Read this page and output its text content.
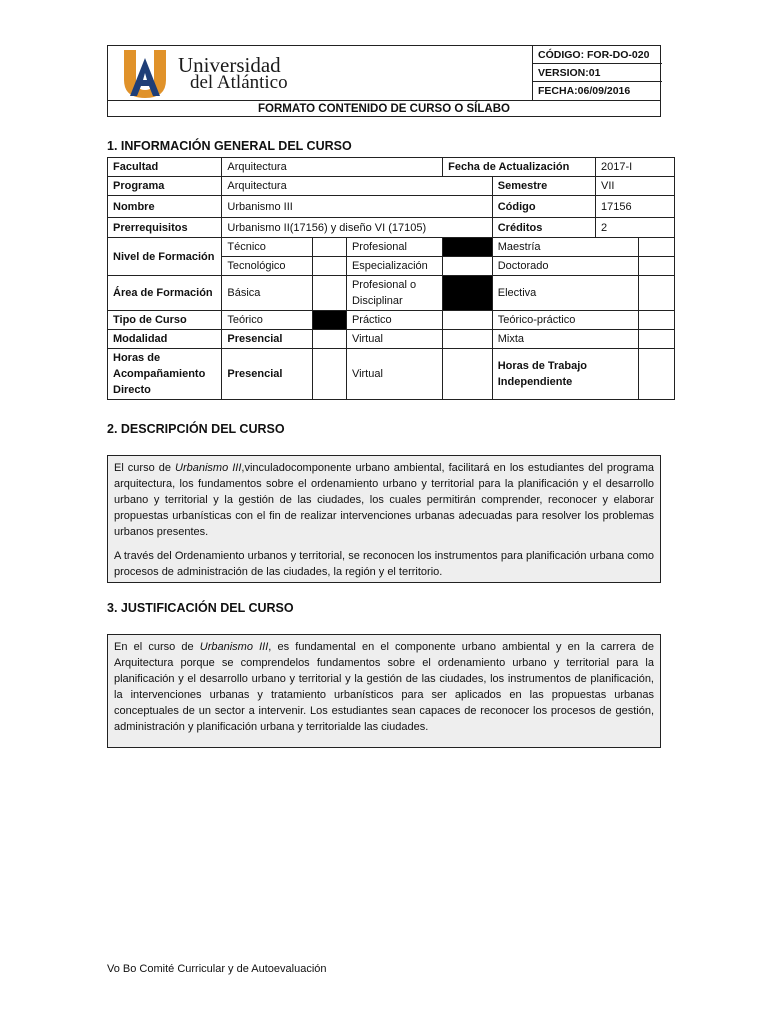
Universidad
del Atlántico
CÓDIGO: FOR-DO-020
VERSION:01
FECHA:06/09/2016
FORMATO CONTENIDO DE CURSO O SÍLABO
1. INFORMACIÓN GENERAL DEL CURSO
Facultad	Arquitectura			Fecha de Actualización		2017-I	
Programa	Arquitectura				Semestre	VII	
Nombre	Urbanismo III				Código	17156	
Prerrequisitos	Urbanismo II(17156) y diseño VI (17105)				Créditos	2	
Nivel de Formación	Técnico		Profesional		Maestría		
	Tecnológico		Especialización		Doctorado		
Área de Formación	Básica		Profesional o Disciplinar		Electiva		
Tipo de Curso	Teórico		Práctico		Teórico-práctico		
Modalidad	Presencial		Virtual		Mixta		
Horas de Acompañamiento Directo	Presencial		Virtual		Horas de Trabajo Independiente		
2. DESCRIPCIÓN DEL CURSO

El curso de Urbanismo III,vinculadocomponente urbano ambiental, facilitará en los estudiantes del programa arquitectura, los fundamentos sobre el ordenamiento urbano y territorial para la planificación y el desarrollo urbano y territorial y la gestión de las ciudades, los cuales permitirán comprender, reconocer y elaborar propuestas urbanísticas con el fin de realizar intervenciones urbanas adecuadas para resolver los problemas urbanos presentes.

A través del Ordenamiento urbanos y territorial, se reconocen los instrumentos para planificación urbana como procesos de administración de las ciudades, la región y el territorio.

3. JUSTIFICACIÓN DEL CURSO

En el curso de Urbanismo III, es fundamental en el componente urbano ambiental y en la carrera de Arquitectura porque se comprendelos fundamentos sobre el ordenamiento urbano y territorial para la planificación y el desarrollo urbano y territorial y la gestión de las ciudades, los instrumentos de planificación, la intervenciones urbanas y tratamiento urbanísticos para ser aplicados en las propuestas urbanas conceptuales de un sector a intervenir. Los estudiantes sean capaces de reconocer los procesos de gestión, administración y planificación urbana y territorialde las ciudades.

Vo Bo Comité Curricular y de Autoevaluación
